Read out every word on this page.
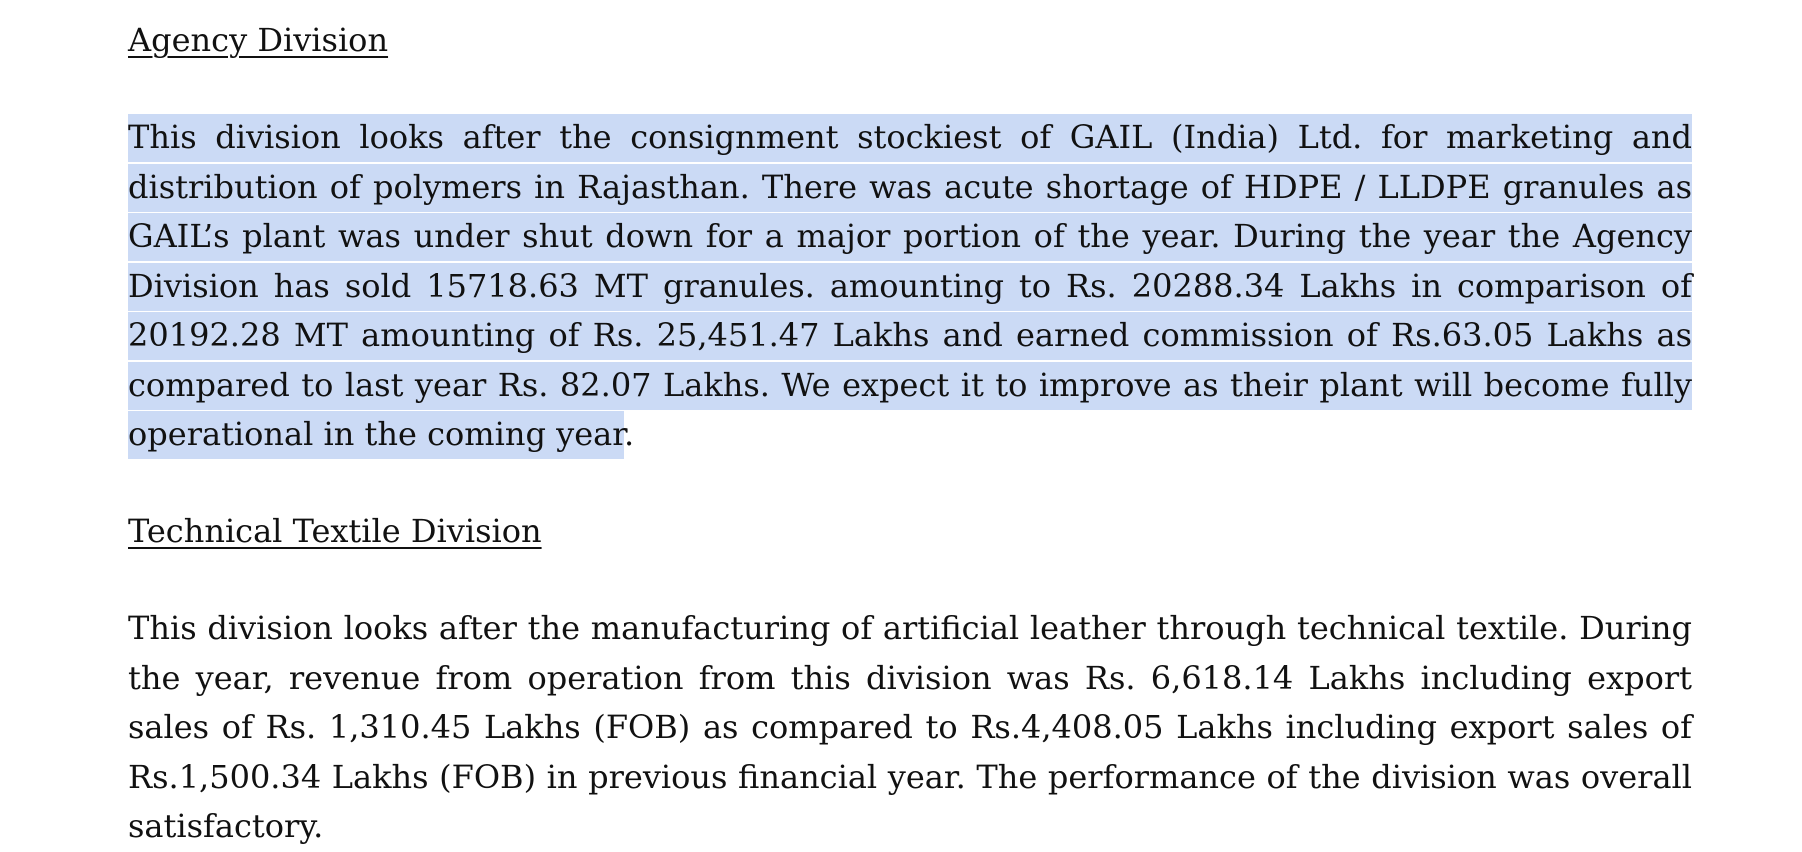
Agency Division

This division looks after the consignment stockiest of GAIL (India) Ltd. for marketing and distribution of polymers in Rajasthan. There was acute shortage of HDPE / LLDPE granules as GAIL’s plant was under shut down for a major portion of the year. During the year the Agency Division has sold 15718.63 MT granules. amounting to Rs. 20288.34 Lakhs in comparison of 20192.28 MT amounting of Rs. 25,451.47 Lakhs and earned commission of Rs.63.05 Lakhs as compared to last year Rs. 82.07 Lakhs. We expect it to improve as their plant will become fully operational in the coming year.

Technical Textile Division

This division looks after the manufacturing of artificial leather through technical textile. During the year, revenue from operation from this division was Rs. 6,618.14 Lakhs including export sales of Rs. 1,310.45 Lakhs (FOB) as compared to Rs.4,408.05 Lakhs including export sales of Rs.1,500.34 Lakhs (FOB) in previous financial year. The performance of the division was overall satisfactory.
